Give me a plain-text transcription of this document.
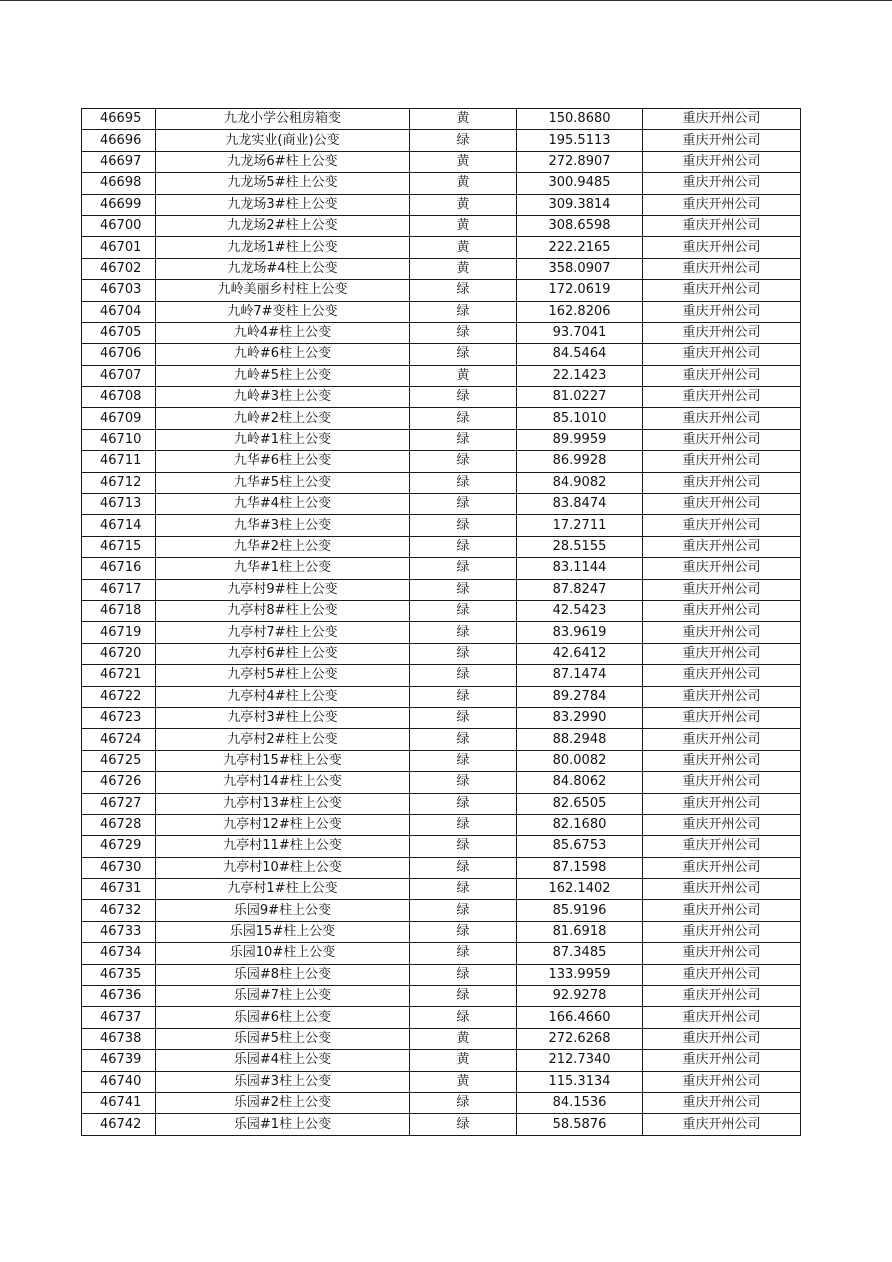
46695	九龙小学公租房箱变	黄	150.8680	重庆开州公司
46696	九龙实业(商业)公变	绿	195.5113	重庆开州公司
46697	九龙场6#柱上公变	黄	272.8907	重庆开州公司
46698	九龙场5#柱上公变	黄	300.9485	重庆开州公司
46699	九龙场3#柱上公变	黄	309.3814	重庆开州公司
46700	九龙场2#柱上公变	黄	308.6598	重庆开州公司
46701	九龙场1#柱上公变	黄	222.2165	重庆开州公司
46702	九龙场#4柱上公变	黄	358.0907	重庆开州公司
46703	九岭美丽乡村柱上公变	绿	172.0619	重庆开州公司
46704	九岭7#变柱上公变	绿	162.8206	重庆开州公司
46705	九岭4#柱上公变	绿	93.7041	重庆开州公司
46706	九岭#6柱上公变	绿	84.5464	重庆开州公司
46707	九岭#5柱上公变	黄	22.1423	重庆开州公司
46708	九岭#3柱上公变	绿	81.0227	重庆开州公司
46709	九岭#2柱上公变	绿	85.1010	重庆开州公司
46710	九岭#1柱上公变	绿	89.9959	重庆开州公司
46711	九华#6柱上公变	绿	86.9928	重庆开州公司
46712	九华#5柱上公变	绿	84.9082	重庆开州公司
46713	九华#4柱上公变	绿	83.8474	重庆开州公司
46714	九华#3柱上公变	绿	17.2711	重庆开州公司
46715	九华#2柱上公变	绿	28.5155	重庆开州公司
46716	九华#1柱上公变	绿	83.1144	重庆开州公司
46717	九亭村9#柱上公变	绿	87.8247	重庆开州公司
46718	九亭村8#柱上公变	绿	42.5423	重庆开州公司
46719	九亭村7#柱上公变	绿	83.9619	重庆开州公司
46720	九亭村6#柱上公变	绿	42.6412	重庆开州公司
46721	九亭村5#柱上公变	绿	87.1474	重庆开州公司
46722	九亭村4#柱上公变	绿	89.2784	重庆开州公司
46723	九亭村3#柱上公变	绿	83.2990	重庆开州公司
46724	九亭村2#柱上公变	绿	88.2948	重庆开州公司
46725	九亭村15#柱上公变	绿	80.0082	重庆开州公司
46726	九亭村14#柱上公变	绿	84.8062	重庆开州公司
46727	九亭村13#柱上公变	绿	82.6505	重庆开州公司
46728	九亭村12#柱上公变	绿	82.1680	重庆开州公司
46729	九亭村11#柱上公变	绿	85.6753	重庆开州公司
46730	九亭村10#柱上公变	绿	87.1598	重庆开州公司
46731	九亭村1#柱上公变	绿	162.1402	重庆开州公司
46732	乐园9#柱上公变	绿	85.9196	重庆开州公司
46733	乐园15#柱上公变	绿	81.6918	重庆开州公司
46734	乐园10#柱上公变	绿	87.3485	重庆开州公司
46735	乐园#8柱上公变	绿	133.9959	重庆开州公司
46736	乐园#7柱上公变	绿	92.9278	重庆开州公司
46737	乐园#6柱上公变	绿	166.4660	重庆开州公司
46738	乐园#5柱上公变	黄	272.6268	重庆开州公司
46739	乐园#4柱上公变	黄	212.7340	重庆开州公司
46740	乐园#3柱上公变	黄	115.3134	重庆开州公司
46741	乐园#2柱上公变	绿	84.1536	重庆开州公司
46742	乐园#1柱上公变	绿	58.5876	重庆开州公司
